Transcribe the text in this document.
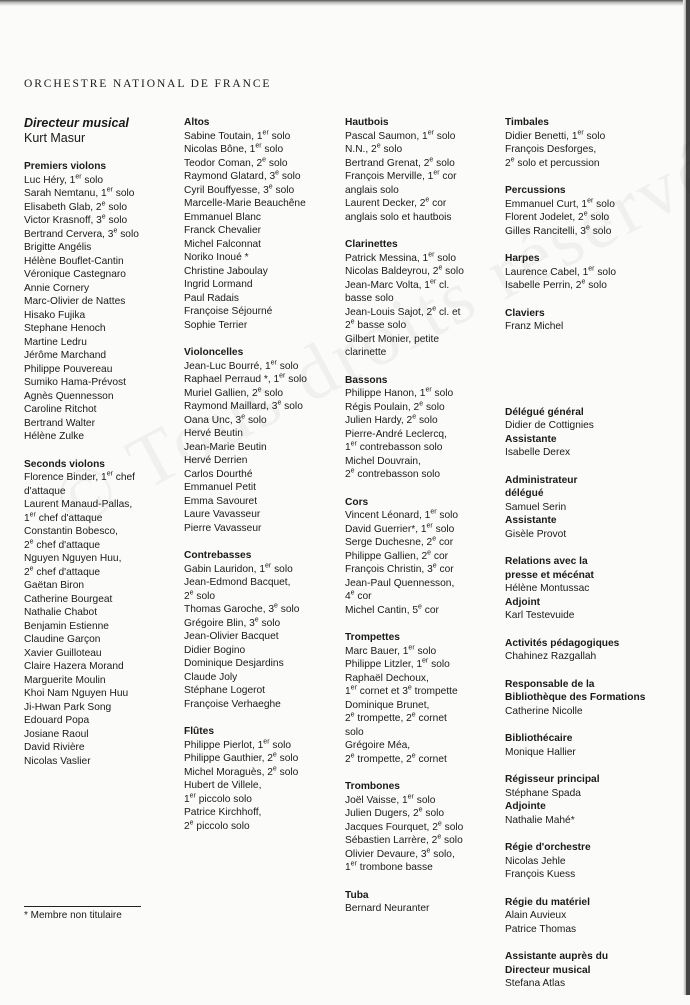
ORCHESTRE NATIONAL DE FRANCE
Directeur musical
Kurt Masur
Premiers violons
Luc Héry, 1er solo
Sarah Nemtanu, 1er solo
Elisabeth Glab, 2e solo
Victor Krasnoff, 3e solo
Bertrand Cervera, 3e solo
Brigitte Angélis
Hélène Bouflet-Cantin
Véronique Castegnaro
Annie Cornery
Marc-Olivier de Nattes
Hisako Fujika
Stephane Henoch
Martine Ledru
Jérôme Marchand
Philippe Pouvereau
Sumiko Hama-Prévost
Agnès Quennesson
Caroline Ritchot
Bertrand Walter
Hélène Zulke
Seconds violons
Florence Binder, 1er chef
d'attaque
Laurent Manaud-Pallas,
1er chef d'attaque
Constantin Bobesco,
2e chef d'attaque
Nguyen Nguyen Huu,
2e chef d'attaque
Gaëtan Biron
Catherine Bourgeat
Nathalie Chabot
Benjamin Estienne
Claudine Garçon
Xavier Guilloteau
Claire Hazera Morand
Marguerite Moulin
Khoi Nam Nguyen Huu
Ji-Hwan Park Song
Edouard Popa
Josiane Raoul
David Rivière
Nicolas Vaslier
Altos
Sabine Toutain, 1er solo
Nicolas Bône, 1er solo
Teodor Coman, 2e solo
Raymond Glatard, 3e solo
Cyril Bouffyesse, 3e solo
Marcelle-Marie Beauchêne
Emmanuel Blanc
Franck Chevalier
Michel Falconnat
Noriko Inoué *
Christine Jaboulay
Ingrid Lormand
Paul Radais
Françoise Séjourné
Sophie Terrier
Violoncelles
Jean-Luc Bourré, 1er solo
Raphael Perraud *, 1er solo
Muriel Gallien, 2e solo
Raymond Maillard, 3e solo
Oana Unc, 3e solo
Hervé Beutin
Jean-Marie Beutin
Hervé Derrien
Carlos Dourthé
Emmanuel Petit
Emma Savouret
Laure Vavasseur
Pierre Vavasseur
Contrebasses
Gabin Lauridon, 1er solo
Jean-Edmond Bacquet,
2e solo
Thomas Garoche, 3e solo
Grégoire Blin, 3e solo
Jean-Olivier Bacquet
Didier Bogino
Dominique Desjardins
Claude Joly
Stéphane Logerot
Françoise Verhaeghe
Flûtes
Philippe Pierlot, 1er solo
Philippe Gauthier, 2e solo
Michel Moraguès, 2e solo
Hubert de Villele,
1er piccolo solo
Patrice Kirchhoff,
2e piccolo solo
Hautbois
Pascal Saumon, 1er solo
N.N., 2e solo
Bertrand Grenat, 2e solo
François Merville, 1er cor
anglais solo
Laurent Decker, 2e cor
anglais solo et hautbois
Clarinettes
Patrick Messina, 1er solo
Nicolas Baldeyrou, 2e solo
Jean-Marc Volta, 1er cl.
basse solo
Jean-Louis Sajot, 2e cl. et
2e basse solo
Gilbert Monier, petite
clarinette
Bassons
Philippe Hanon, 1er solo
Régis Poulain, 2e solo
Julien Hardy, 2e solo
Pierre-André Leclercq,
1er contrebasson solo
Michel Douvrain,
2e contrebasson solo
Cors
Vincent Léonard, 1er solo
David Guerrier*, 1er solo
Serge Duchesne, 2e cor
Philippe Gallien, 2e cor
François Christin, 3e cor
Jean-Paul Quennesson,
4e cor
Michel Cantin, 5e cor
Trompettes
Marc Bauer, 1er solo
Philippe Litzler, 1er solo
Raphaël Dechoux,
1er cornet et 3e trompette
Dominique Brunet,
2e trompette, 2e cornet
solo
Grégoire Méa,
2e trompette, 2e cornet
Trombones
Joël Vaisse, 1er solo
Julien Dugers, 2e solo
Jacques Fourquet, 2e solo
Sébastien Larrère, 2e solo
Olivier Devaure, 3e solo,
1er trombone basse
Tuba
Bernard Neuranter
Timbales
Didier Benetti, 1er solo
François Desforges,
2e solo et percussion
Percussions
Emmanuel Curt, 1er solo
Florent Jodelet, 2e solo
Gilles Rancitelli, 3e solo
Harpes
Laurence Cabel, 1er solo
Isabelle Perrin, 2e solo
Claviers
Franz Michel
Délégué général
Didier de Cottignies
Assistante
Isabelle Derex
Administrateur
délégué
Samuel Serin
Assistante
Gisèle Provot
Relations avec la
presse et mécénat
Hélène Montussac
Adjoint
Karl Testevuide
Activités pédagogiques
Chahinez Razgallah
Responsable de la
Bibliothèque des Formations
Catherine Nicolle
Bibliothécaire
Monique Hallier
Régisseur principal
Stéphane Spada
Adjointe
Nathalie Mahé*
Régie d'orchestre
Nicolas Jehle
François Kuess
Régie du matériel
Alain Auvieux
Patrice Thomas
Assistante auprès du
Directeur musical
Stefana Atlas
* Membre non titulaire
